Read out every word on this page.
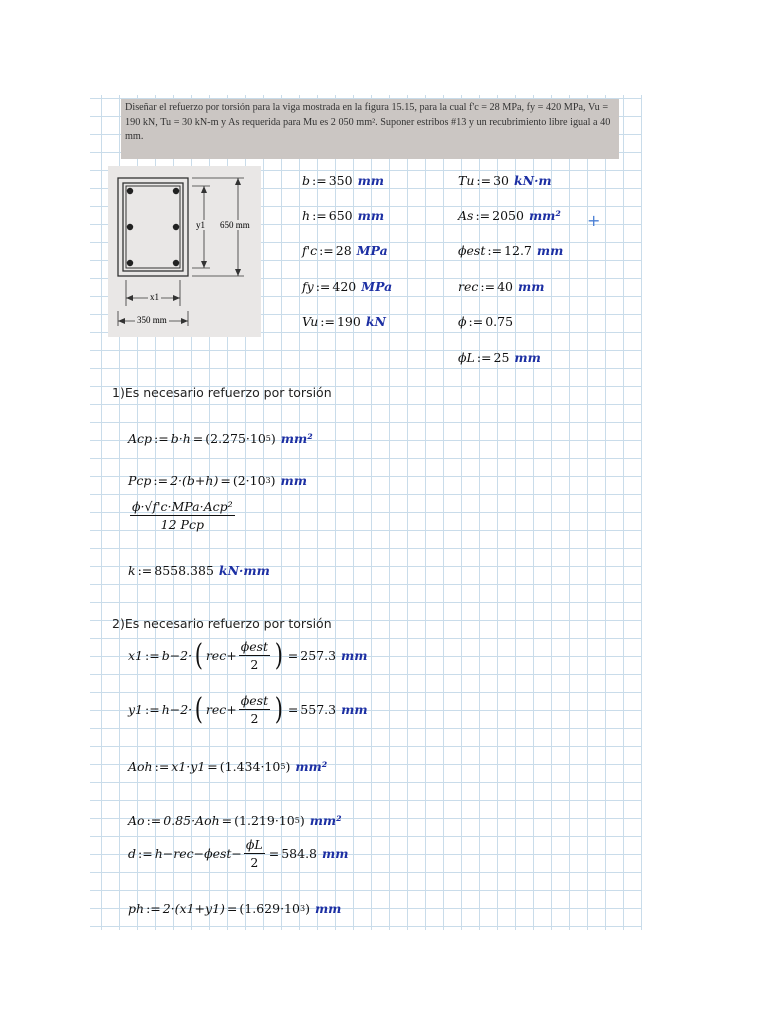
Diseñar el refuerzo por torsión para la viga mostrada en la figura 15.15, para la cual f'c = 28 MPa, fy = 420 MPa, Vu = 190 kN, Tu = 30 kN-m y As requerida para Mu es 2 050 mm². Suponer estribos #13 y un recubrimiento libre igual a 40 mm.

y1 650 mm
x1
350 mm
b := 350 mm
h := 650 mm
f'c := 28 MPa
fy := 420 MPa
Vu := 190 kN
Tu := 30 kN·m
As := 2050 mm²
ϕest := 12.7 mm
rec := 40 mm
ϕ := 0.75
ϕL := 25 mm
+
1)Es necesario refuerzo por torsión
Acp := b·h = ( 2.275·10 5 ) mm²
Pcp := 2·(b+h) = ( 2·10 3 ) mm
$\frac{\text{ϕ·√f'c·MPa·Acp²}}{\text{12 Pcp}}$
k := 8558.385 kN·mm
2)Es necesario refuerzo por torsión
x1 := b−2· ( $rec+ \frac{\text{ϕest}}{2}$ ) = 257.3 mm
y1 := h−2· ( $rec+ \frac{\text{ϕest}}{2}$ ) = 557.3 mm
Aoh := x1·y1 = ( 1.434·10 5 ) mm²
Ao := 0.85·Aoh = ( 1.219·10 5 ) mm²
d := $h-rec-\phi est- \frac{\phi L}{2} = 584.8$ mm
ph := 2·(x1+y1) = ( 1.629·10 3 ) mm
